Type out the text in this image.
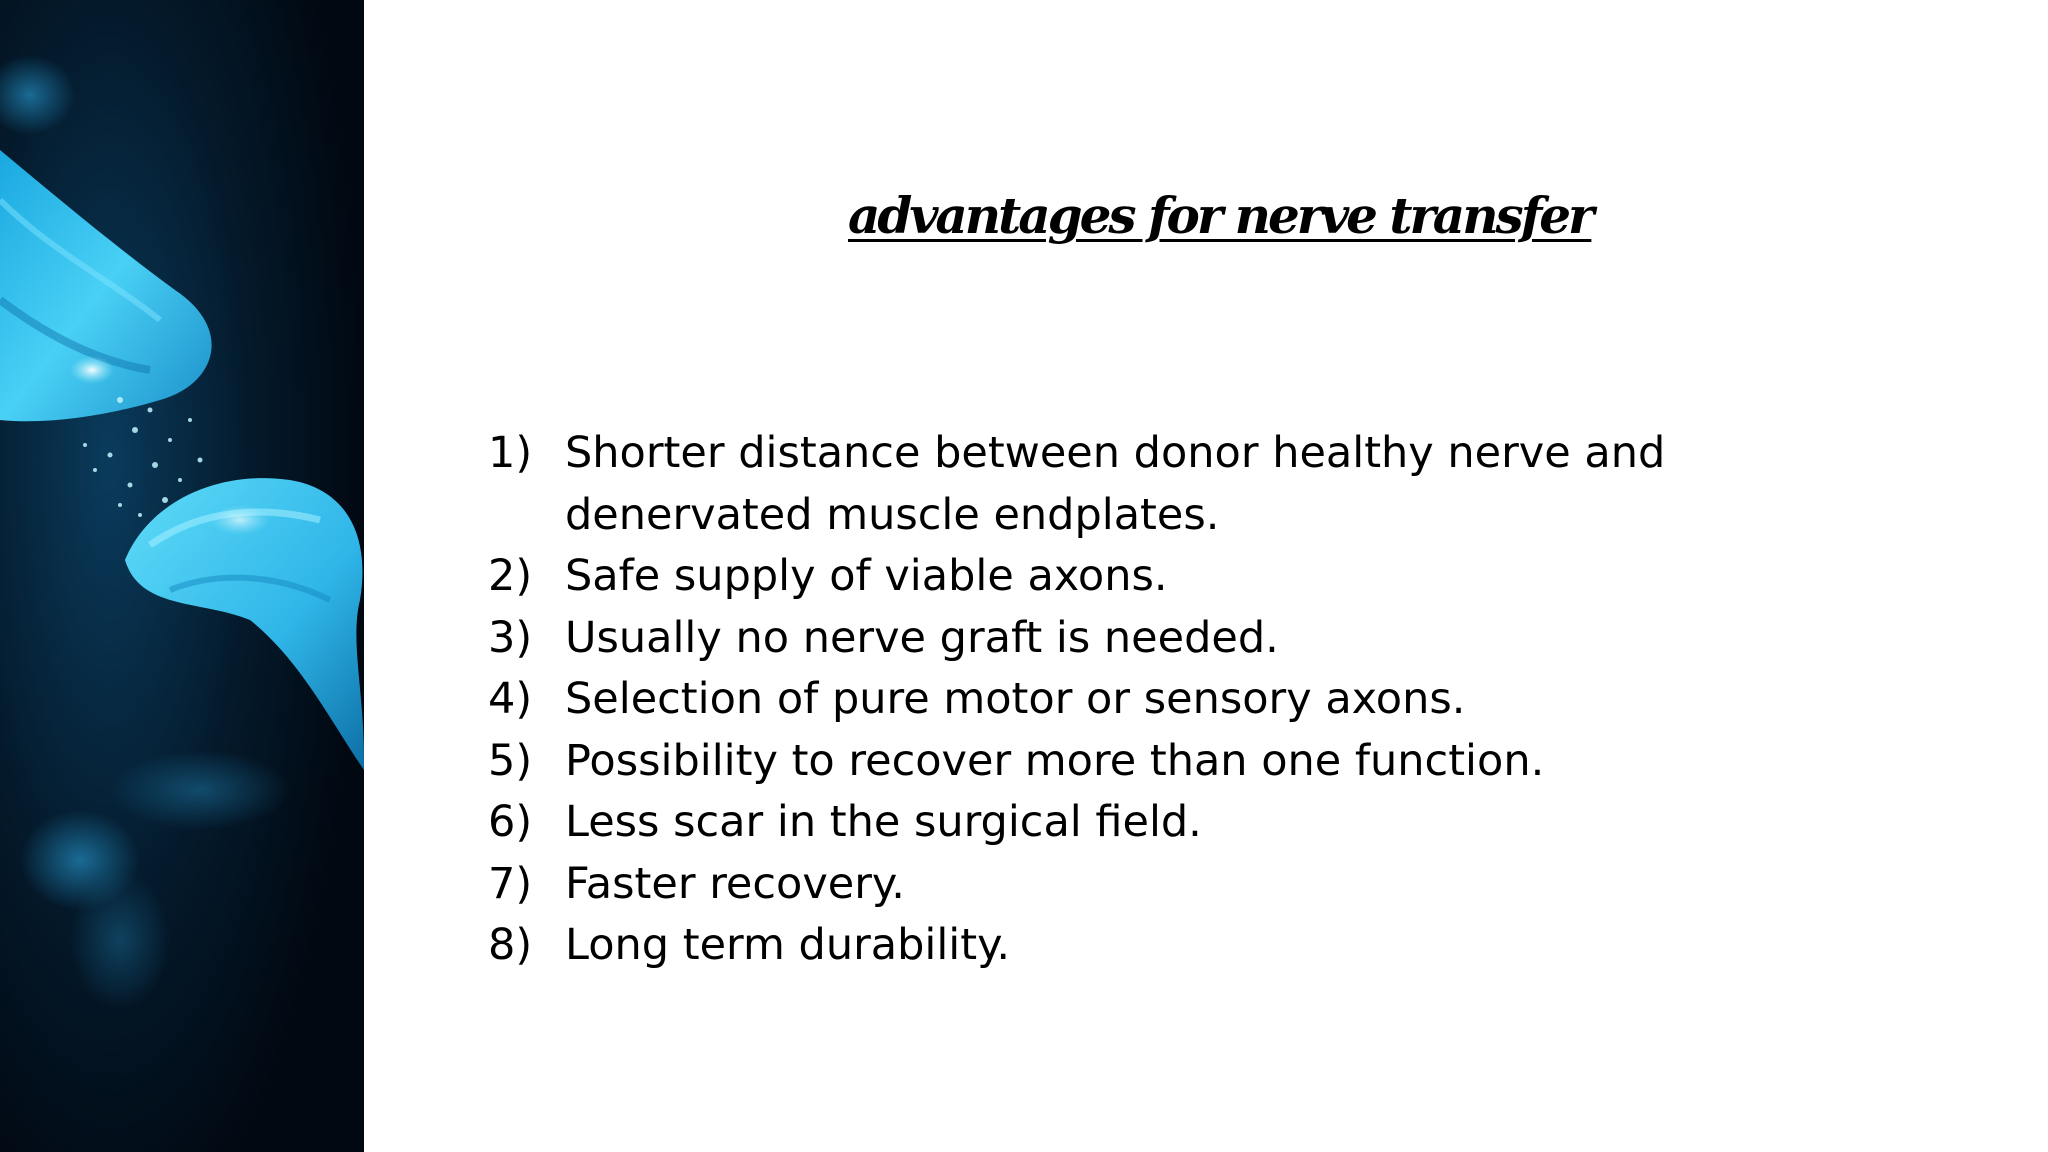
advantages for nerve transfer
1) Shorter distance between donor healthy nerve and denervated muscle endplates.
2) Safe supply of viable axons.
3) Usually no nerve graft is needed.
4) Selection of pure motor or sensory axons.
5) Possibility to recover more than one function.
6) Less scar in the surgical field.
7) Faster recovery.
8) Long term durability.
